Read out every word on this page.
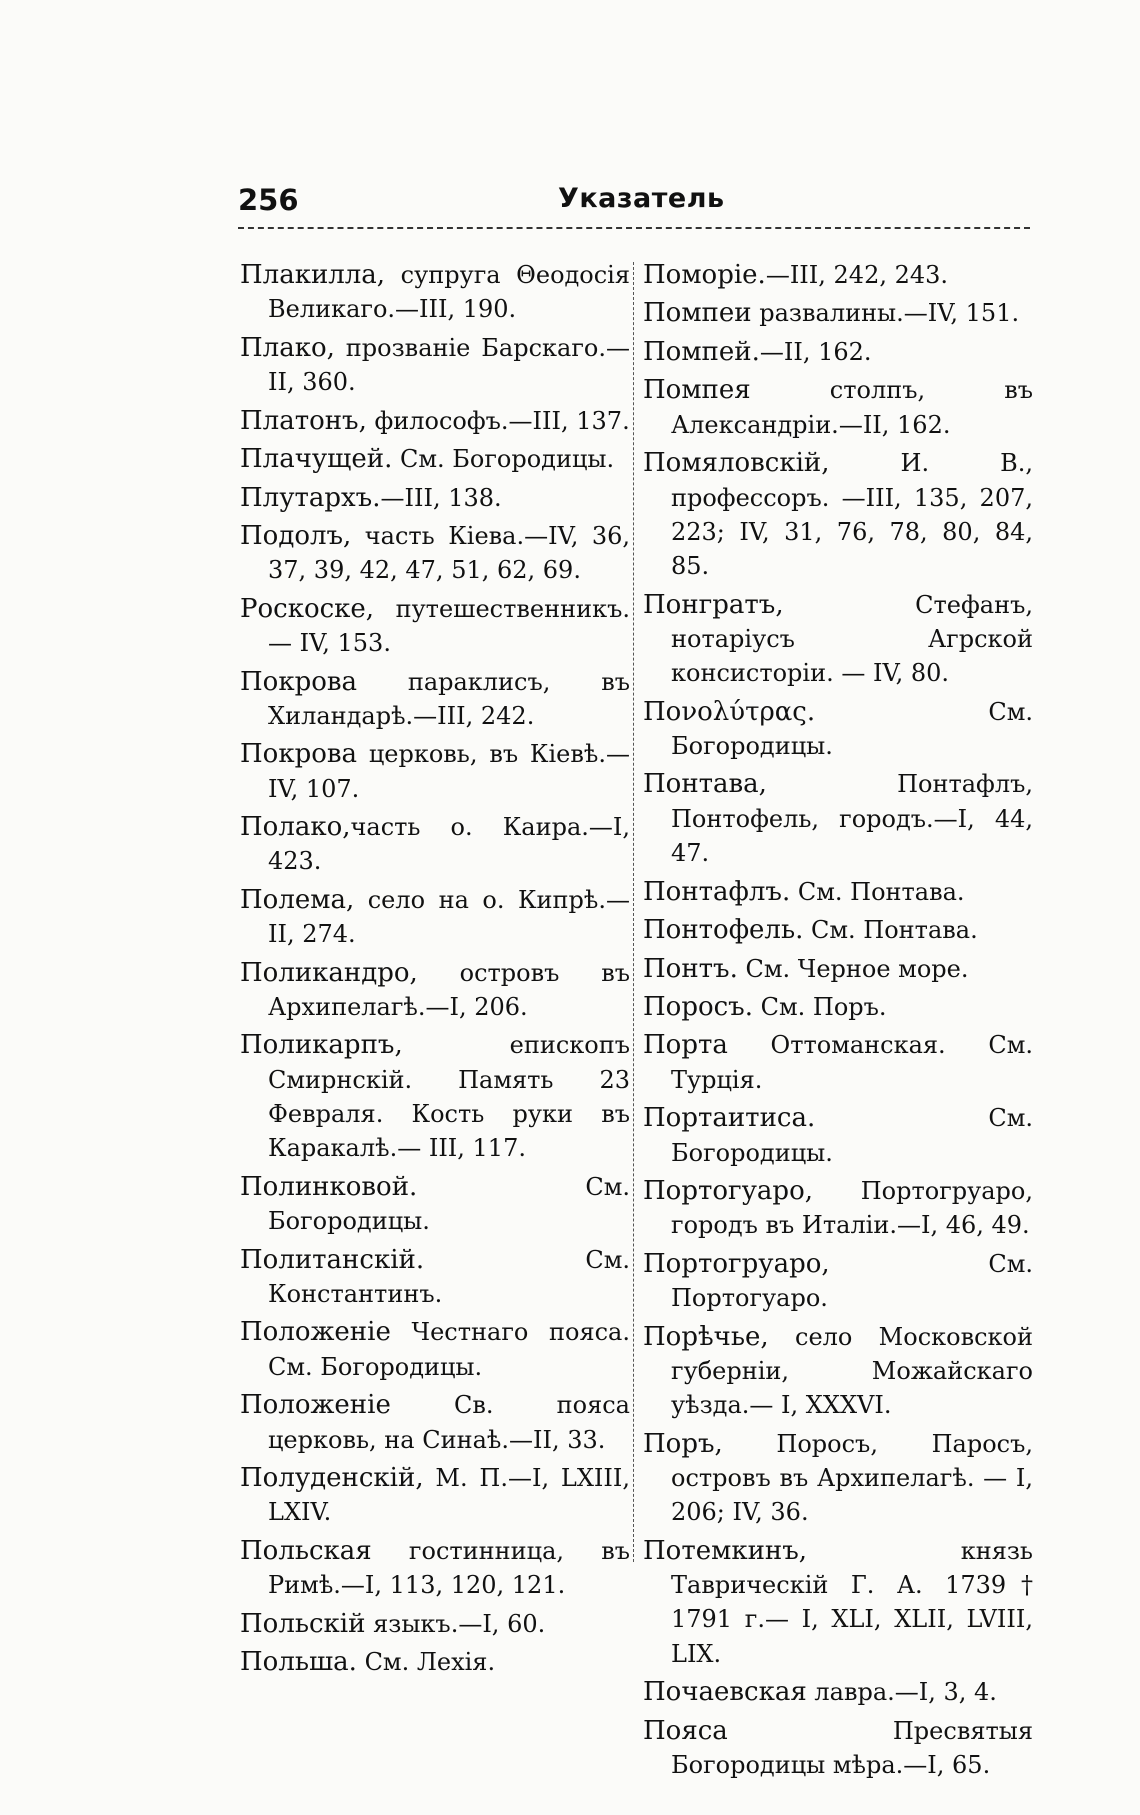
256	Указатель

Плакилла, супруга Θеодосія Великаго.—III, 190.

Плако, прозваніе Барскаго.— II, 360.

Платонъ, философъ.—III, 137.

Плачущей. См. Богородицы.

Плутархъ.—III, 138.

Подолъ, часть Кіева.—IV, 36, 37, 39, 42, 47, 51, 62, 69.

Роскоске, путешественникъ.— IV, 153.

Покрова параклисъ, въ Хиландарѣ.—III, 242.

Покрова церковь, въ Кіевѣ.— IV, 107.

Полако,часть о. Каира.—I, 423.

Полема, село на о. Кипрѣ.— II, 274.

Поликандро, островъ въ Архипелагѣ.—I, 206.

Поликарпъ, епископъ Смирнскій. Память 23 Февраля. Кость руки въ Каракалѣ.— III, 117.

Полинковой. См. Богородицы.

Политанскій. См. Константинъ.

Положеніе Честнаго пояса. См. Богородицы.

Положеніе Св. пояса церковь, на Синаѣ.—II, 33.

Полуденскій, М. П.—I, LXIII, LXIV.

Польская гостинница, въ Римѣ.—I, 113, 120, 121.

Польскій языкъ.—I, 60.

Польша. См. Лехія.

Поморіе.—III, 242, 243.

Помпеи развалины.—IV, 151.

Помпей.—II, 162.

Помпея столпъ, въ Александріи.—II, 162.

Помяловскій, И. В., профессоръ. —III, 135, 207, 223; IV, 31, 76, 78, 80, 84, 85.

Понгратъ, Стефанъ, нотаріусъ Агрской консисторіи. — IV, 80.

Πονολύτρας. См. Богородицы.

Понтава, Понтафлъ, Понтофель, городъ.—I, 44, 47.

Понтафлъ. См. Понтава.

Понтофель. См. Понтава.

Понтъ. См. Черное море.

Поросъ. См. Поръ.

Порта Оттоманская. См. Турція.

Портаитиса. См. Богородицы.

Портогуаро, Портогруаро, городъ въ Италіи.—I, 46, 49.

Портогруаро, См. Портогуаро.

Порѣчье, село Московской губерніи, Можайскаго уѣзда.— I, XXXVI.

Поръ, Поросъ, Паросъ, островъ въ Архипелагѣ. — I, 206; IV, 36.

Потемкинъ, князь Таврическій Г. А. 1739† 1791 г.— I, XLI, XLII, LVIII, LIX.

Почаевская лавра.—I, 3, 4.

Пояса Пресвятыя Богородицы мѣра.—I, 65.
